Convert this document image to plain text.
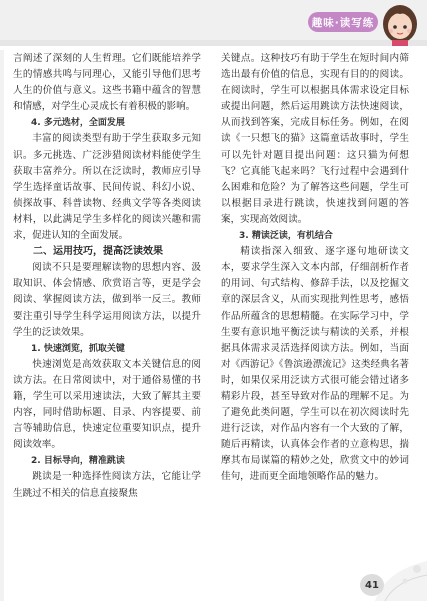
趣味·读写练

言阐述了深刻的人生哲理。它们既能培养学生的情感共鸣与同理心，又能引导他们思考人生的价值与意义。这些书籍中蕴含的智慧和情感，对学生心灵成长有着积极的影响。

4. 多元选材，全面发展

丰富的阅读类型有助于学生获取多元知识。多元挑选、广泛涉猎阅读材料能使学生获取丰富养分。所以在泛读时，教师应引导学生选择童话故事、民间传说、科幻小说、侦探故事、科普读物、经典文学等各类阅读材料，以此满足学生多样化的阅读兴趣和需求，促进认知的全面发展。

二、运用技巧，提高泛读效果

阅读不只是要理解读物的思想内容、汲取知识、体会情感、欣赏语言等，更是学会阅读、掌握阅读方法，做到举一反三。教师要注重引导学生科学运用阅读方法，以提升学生的泛读效果。

1. 快速浏览，抓取关键

快速浏览是高效获取文本关键信息的阅读方法。在日常阅读中，对于通俗易懂的书籍，学生可以采用速读法，大致了解其主要内容，同时借助标题、目录、内容提要、前言等辅助信息，快速定位重要知识点，提升阅读效率。

2. 目标导向，精准跳读

跳读是一种选择性阅读方法，它能让学生跳过不相关的信息直接聚焦

关键点。这种技巧有助于学生在短时间内筛选出最有价值的信息，实现有目的的阅读。在阅读时，学生可以根据具体需求设定目标或提出问题，然后运用跳读方法快速阅读，从而找到答案，完成目标任务。例如，在阅读《一只想飞的猫》这篇童话故事时，学生可以先针对题目提出问题：这只猫为何想飞？它真能飞起来吗？飞行过程中会遇到什么困难和危险？为了解答这些问题，学生可以根据目录进行跳读，快速找到问题的答案，实现高效阅读。

3. 精读泛读，有机结合

精读指深入细致、逐字逐句地研读文本，要求学生深入文本内部，仔细剖析作者的用词、句式结构、修辞手法，以及挖掘文章的深层含义，从而实现批判性思考，感悟作品所蕴含的思想精髓。在实际学习中，学生要有意识地平衡泛读与精读的关系，并根据具体需求灵活选择阅读方法。例如，当面对《西游记》《鲁滨逊漂流记》这类经典名著时，如果仅采用泛读方式很可能会错过诸多精彩片段，甚至导致对作品的理解不足。为了避免此类问题，学生可以在初次阅读时先进行泛读，对作品内容有一个大致的了解，随后再精读，认真体会作者的立意构思，揣摩其布局谋篇的精妙之处，欣赏文中的妙词佳句，进而更全面地领略作品的魅力。

41
